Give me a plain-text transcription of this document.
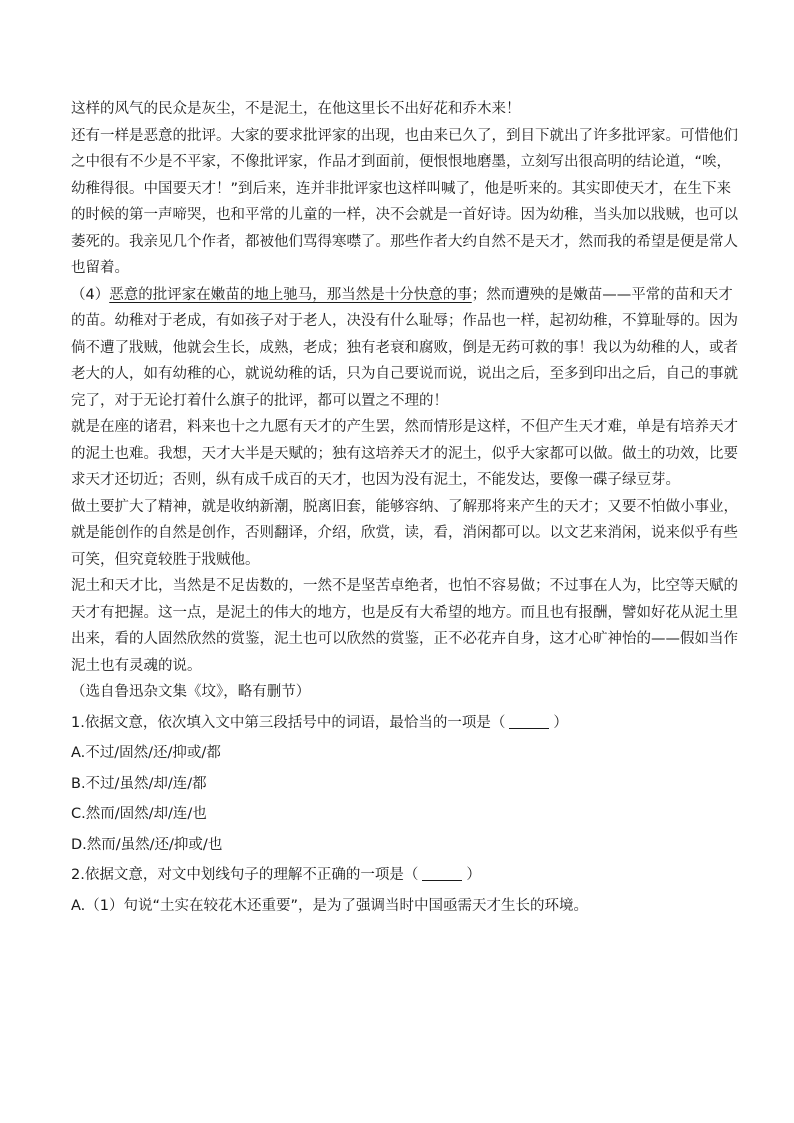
这样的风气的民众是灰尘，不是泥土，在他这里长不出好花和乔木来！
还有一样是恶意的批评。大家的要求批评家的出现，也由来已久了，到目下就出了许多批评家。可惜他们
之中很有不少是不平家，不像批评家，作品才到面前，便恨恨地磨墨，立刻写出很高明的结论道，“唉，
幼稚得很。中国要天才！”到后来，连并非批评家也这样叫喊了，他是听来的。其实即使天才，在生下来
的时候的第一声啼哭，也和平常的儿童的一样，决不会就是一首好诗。因为幼稚，当头加以戕贼，也可以
萎死的。我亲见几个作者，都被他们骂得寒噤了。那些作者大约自然不是天才，然而我的希望是便是常人
也留着。
（4）恶意的批评家在嫩苗的地上驰马，那当然是十分快意的事；然而遭殃的是嫩苗——平常的苗和天才
的苗。幼稚对于老成，有如孩子对于老人，决没有什么耻辱；作品也一样，起初幼稚，不算耻辱的。因为
倘不遭了戕贼，他就会生长，成熟，老成；独有老衰和腐败，倒是无药可救的事！我以为幼稚的人，或者
老大的人，如有幼稚的心，就说幼稚的话，只为自己要说而说，说出之后，至多到印出之后，自己的事就
完了，对于无论打着什么旗子的批评，都可以置之不理的！
就是在座的诸君，料来也十之九愿有天才的产生罢，然而情形是这样，不但产生天才难，单是有培养天才
的泥土也难。我想，天才大半是天赋的；独有这培养天才的泥土，似乎大家都可以做。做土的功效，比要
求天才还切近；否则，纵有成千成百的天才，也因为没有泥土，不能发达，要像一碟子绿豆芽。
做土要扩大了精神，就是收纳新潮，脱离旧套，能够容纳、了解那将来产生的天才；又要不怕做小事业，
就是能创作的自然是创作，否则翻译，介绍，欣赏，读，看，消闲都可以。以文艺来消闲，说来似乎有些
可笑，但究竟较胜于戕贼他。
泥土和天才比，当然是不足齿数的，一然不是坚苦卓绝者，也怕不容易做；不过事在人为，比空等天赋的
天才有把握。这一点，是泥土的伟大的地方，也是反有大希望的地方。而且也有报酬，譬如好花从泥土里
出来，看的人固然欣然的赏鉴，泥土也可以欣然的赏鉴，正不必花卉自身，这才心旷神怡的——假如当作
泥土也有灵魂的说。
（选自鲁迅杂文集《坟》，略有删节）
1.依据文意，依次填入文中第三段括号中的词语，最恰当的一项是（	）
A.不过/固然/还/抑或/都
B.不过/虽然/却/连/都
C.然而/固然/却/连/也
D.然而/虽然/还/抑或/也
2.依据文意，对文中划线句子的理解不正确的一项是（	）
A.（1）句说“土实在较花木还重要”，是为了强调当时中国亟需天才生长的环境。
